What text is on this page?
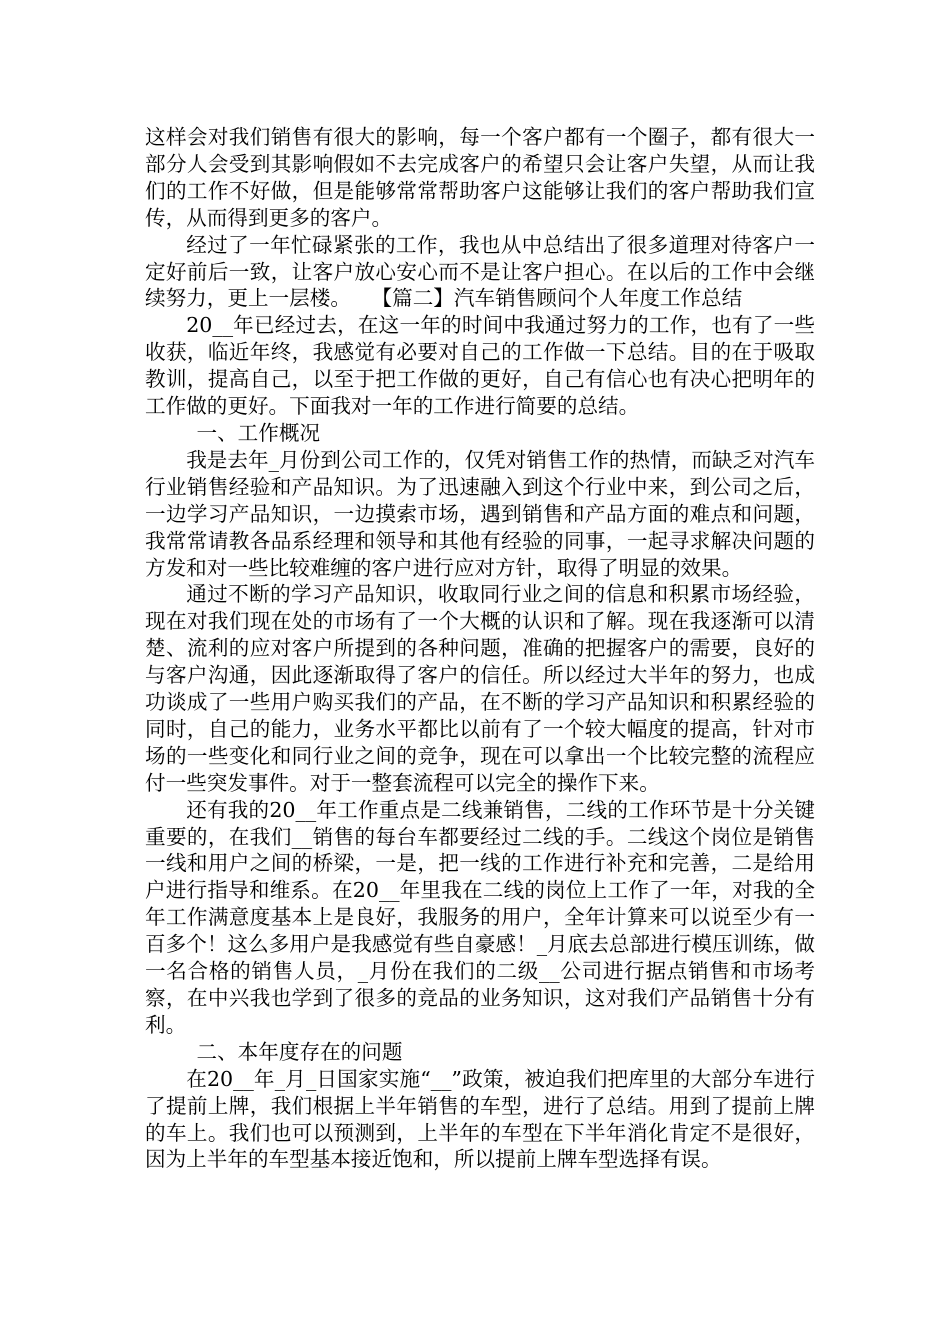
这样会对我们销售有很大的影响，每一个客户都有一个圈子，都有很大一部分人会受到其影响假如不去完成客户的希望只会让客户失望，从而让我们的工作不好做，但是能够常常帮助客户这能够让我们的客户帮助我们宣传，从而得到更多的客户。

经过了一年忙碌紧张的工作，我也从中总结出了很多道理对待客户一定好前后一致，让客户放心安心而不是让客户担心。在以后的工作中会继续努力，更上一层楼。　　【篇二】汽车销售顾问个人年度工作总结

20__年已经过去，在这一年的时间中我通过努力的工作，也有了一些收获，临近年终，我感觉有必要对自己的工作做一下总结。目的在于吸取教训，提高自己，以至于把工作做的更好，自己有信心也有决心把明年的工作做的更好。下面我对一年的工作进行简要的总结。

一、工作概况

我是去年_月份到公司工作的，仅凭对销售工作的热情，而缺乏对汽车行业销售经验和产品知识。为了迅速融入到这个行业中来，到公司之后，一边学习产品知识，一边摸索市场，遇到销售和产品方面的难点和问题，我常常请教各品系经理和领导和其他有经验的同事，一起寻求解决问题的方发和对一些比较难缠的客户进行应对方针，取得了明显的效果。

通过不断的学习产品知识，收取同行业之间的信息和积累市场经验，现在对我们现在处的市场有了一个大概的认识和了解。现在我逐渐可以清楚、流利的应对客户所提到的各种问题，准确的把握客户的需要，良好的与客户沟通，因此逐渐取得了客户的信任。所以经过大半年的努力，也成功谈成了一些用户购买我们的产品，在不断的学习产品知识和积累经验的同时，自己的能力，业务水平都比以前有了一个较大幅度的提高，针对市场的一些变化和同行业之间的竞争，现在可以拿出一个比较完整的流程应付一些突发事件。对于一整套流程可以完全的操作下来。

还有我的20__年工作重点是二线兼销售，二线的工作环节是十分关键重要的，在我们__销售的每台车都要经过二线的手。二线这个岗位是销售一线和用户之间的桥梁，一是，把一线的工作进行补充和完善，二是给用户进行指导和维系。在20__年里我在二线的岗位上工作了一年，对我的全年工作满意度基本上是良好，我服务的用户，全年计算来可以说至少有一百多个！这么多用户是我感觉有些自豪感！_月底去总部进行模压训练，做一名合格的销售人员，_月份在我们的二级__公司进行据点销售和市场考察，在中兴我也学到了很多的竞品的业务知识，这对我们产品销售十分有利。

二、本年度存在的问题

在20__年_月_日国家实施“__”政策，被迫我们把库里的大部分车进行了提前上牌，我们根据上半年销售的车型，进行了总结。用到了提前上牌的车上。我们也可以预测到，上半年的车型在下半年消化肯定不是很好，因为上半年的车型基本接近饱和，所以提前上牌车型选择有误。
